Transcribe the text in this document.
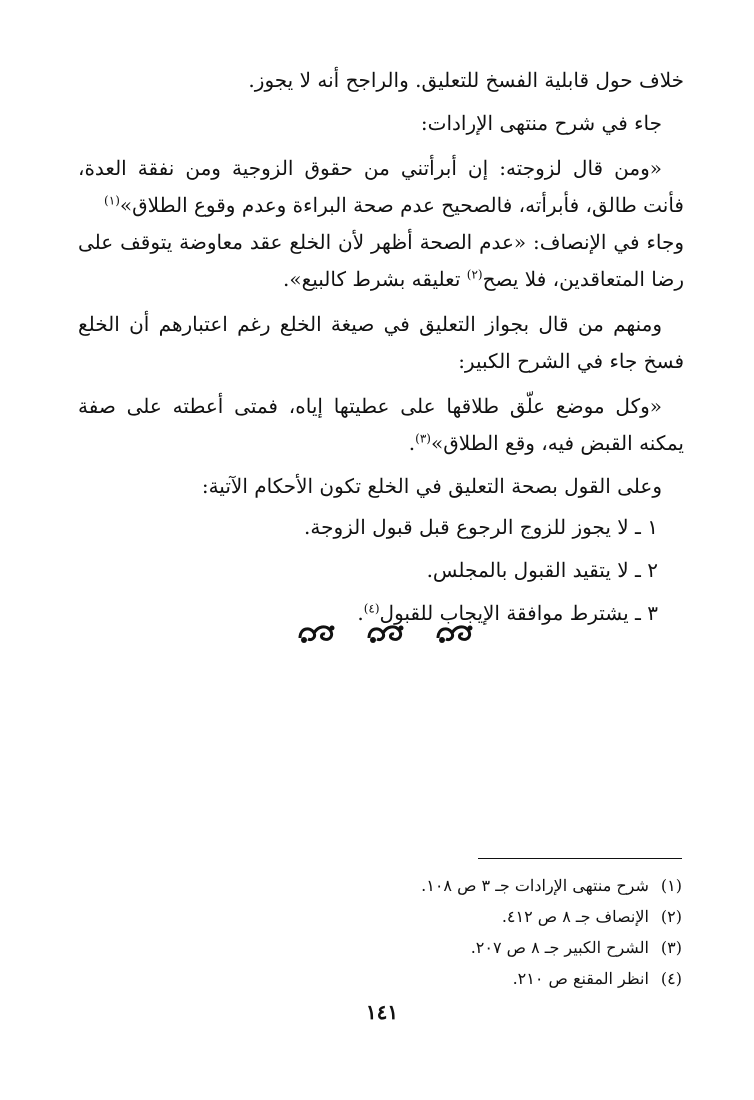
خلاف حول قابلية الفسخ للتعليق. والراجح أنه لا يجوز.

جاء في شرح منتهى الإرادات:

«ومن قال لزوجته: إن أبرأتني من حقوق الزوجية ومن نفقة العدة، فأنت طالق، فأبرأته، فالصحيح عدم صحة البراءة وعدم وقوع الطلاق»$^{(١)}$

وجاء في الإنصاف: «عدم الصحة أظهر لأن الخلع عقد معاوضة يتوقف على رضا المتعاقدين، فلا يصح$^{(٢)}$ تعليقه بشرط كالبيع».

ومنهم من قال بجواز التعليق في صيغة الخلع رغم اعتبارهم أن الخلع فسخ جاء في الشرح الكبير:

«وكل موضع علّق طلاقها على عطيتها إياه، فمتى أعطته على صفة يمكنه القبض فيه، وقع الطلاق»$^{(٣)}$.

وعلى القول بصحة التعليق في الخلع تكون الأحكام الآتية:

١ ـ لا يجوز للزوج الرجوع قبل قبول الزوجة.

٢ ـ لا يتقيد القبول بالمجلس.

٣ ـ يشترط موافقة الإيجاب للقبول$^{(٤)}$.

(١)شرح منتهى الإرادات جـ ٣ ص ١٠٨.

(٢)الإنصاف جـ ٨ ص ٤١٢.

(٣)الشرح الكبير جـ ٨ ص ٢٠٧.

(٤)انظر المقنع ص ٢١٠.

١٤١
